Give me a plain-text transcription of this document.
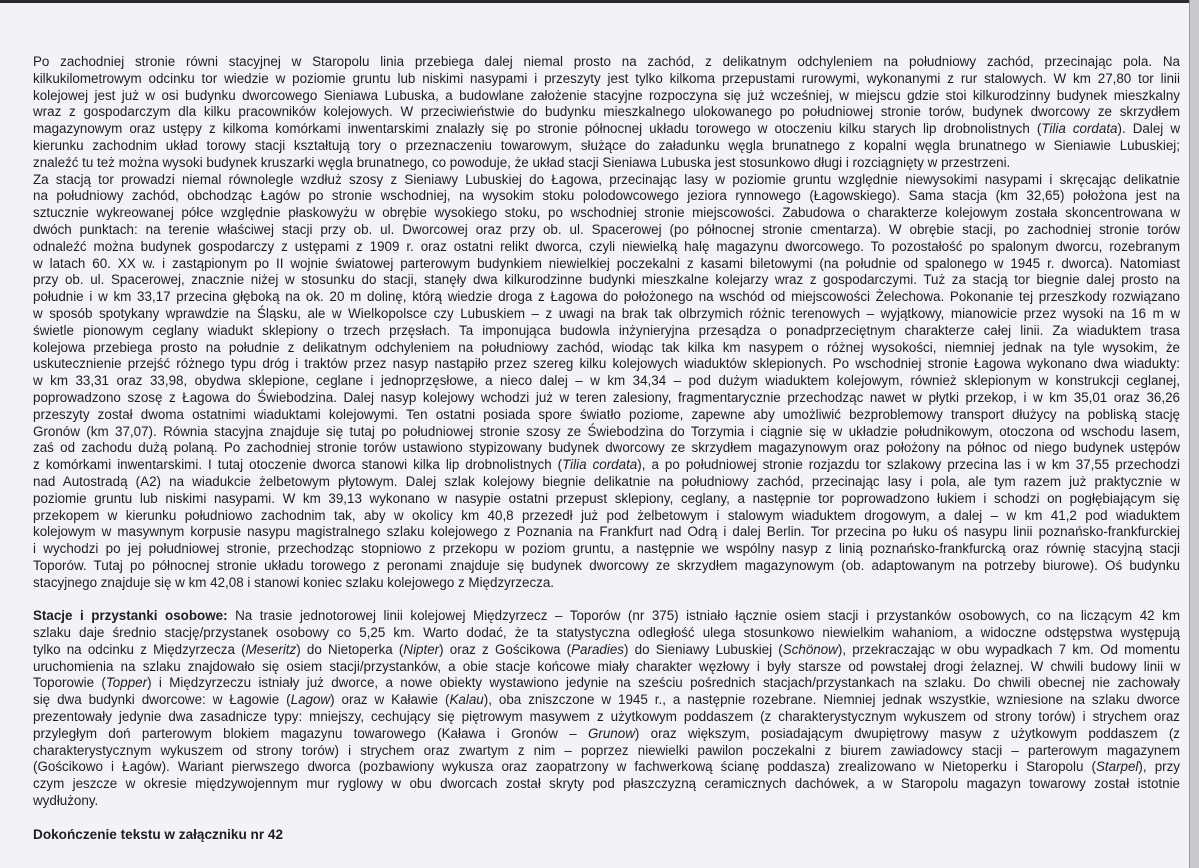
Po zachodniej stronie równi stacyjnej w Staropolu linia przebiega dalej niemal prosto na zachód, z delikatnym odchyleniem na południowy zachód, przecinając pola. Na
kilkukilometrowym odcinku tor wiedzie w poziomie gruntu lub niskimi nasypami i przeszyty jest tylko kilkoma przepustami rurowymi, wykonanymi z rur stalowych. W km 27,80 tor linii
kolejowej jest już w osi budynku dworcowego Sieniawa Lubuska, a budowlane założenie stacyjne rozpoczyna się już wcześniej, w miejscu gdzie stoi kilkurodzinny budynek mieszkalny
wraz z gospodarczym dla kilku pracowników kolejowych. W przeciwieństwie do budynku mieszkalnego ulokowanego po południowej stronie torów, budynek dworcowy ze skrzydłem
magazynowym oraz ustępy z kilkoma komórkami inwentarskimi znalazły się po stronie północnej układu torowego w otoczeniu kilku starych lip drobnolistnych (Tilia cordata). Dalej w
kierunku zachodnim układ torowy stacji kształtują tory o przeznaczeniu towarowym, służące do załadunku węgla brunatnego z kopalni węgla brunatnego w Sieniawie Lubuskiej;
znaleźć tu też można wysoki budynek kruszarki węgla brunatnego, co powoduje, że układ stacji Sieniawa Lubuska jest stosunkowo długi i rozciągnięty w przestrzeni.
Za stacją tor prowadzi niemal równolegle wzdłuż szosy z Sieniawy Lubuskiej do Łagowa, przecinając lasy w poziomie gruntu względnie niewysokimi nasypami i skręcając delikatnie
na południowy zachód, obchodząc Łagów po stronie wschodniej, na wysokim stoku polodowcowego jeziora rynnowego (Łagowskiego). Sama stacja (km 32,65) położona jest na
sztucznie wykreowanej półce względnie płaskowyżu w obrębie wysokiego stoku, po wschodniej stronie miejscowości. Zabudowa o charakterze kolejowym została skoncentrowana w
dwóch punktach: na terenie właściwej stacji przy ob. ul. Dworcowej oraz przy ob. ul. Spacerowej (po północnej stronie cmentarza). W obrębie stacji, po zachodniej stronie torów
odnaleźć można budynek gospodarczy z ustępami z 1909 r. oraz ostatni relikt dworca, czyli niewielką halę magazynu dworcowego. To pozostałość po spalonym dworcu, rozebranym
w latach 60. XX w. i zastąpionym po II wojnie światowej parterowym budynkiem niewielkiej poczekalni z kasami biletowymi (na południe od spalonego w 1945 r. dworca). Natomiast
przy ob. ul. Spacerowej, znacznie niżej w stosunku do stacji, stanęły dwa kilkurodzinne budynki mieszkalne kolejarzy wraz z gospodarczymi. Tuż za stacją tor biegnie dalej prosto na
południe i w km 33,17 przecina głęboką na ok. 20 m dolinę, którą wiedzie droga z Łagowa do położonego na wschód od miejscowości Żelechowa. Pokonanie tej przeszkody rozwiązano
w sposób spotykany wprawdzie na Śląsku, ale w Wielkopolsce czy Lubuskiem – z uwagi na brak tak olbrzymich różnic terenowych – wyjątkowy, mianowicie przez wysoki na 16 m w
świetle pionowym ceglany wiadukt sklepiony o trzech przęsłach. Ta imponująca budowla inżynieryjna przesądza o ponadprzeciętnym charakterze całej linii. Za wiaduktem trasa
kolejowa przebiega prosto na południe z delikatnym odchyleniem na południowy zachód, wiodąc tak kilka km nasypem o różnej wysokości, niemniej jednak na tyle wysokim, że
uskutecznienie przejść różnego typu dróg i traktów przez nasyp nastąpiło przez szereg kilku kolejowych wiaduktów sklepionych. Po wschodniej stronie Łagowa wykonano dwa wiadukty:
w km 33,31 oraz 33,98, obydwa sklepione, ceglane i jednoprzęsłowe, a nieco dalej – w km 34,34 – pod dużym wiaduktem kolejowym, również sklepionym w konstrukcji ceglanej,
poprowadzono szosę z Łagowa do Świebodzina. Dalej nasyp kolejowy wchodzi już w teren zalesiony, fragmentarycznie przechodząc nawet w płytki przekop, i w km 35,01 oraz 36,26
przeszyty został dwoma ostatnimi wiaduktami kolejowymi. Ten ostatni posiada spore światło poziome, zapewne aby umożliwić bezproblemowy transport dłużycy na pobliską stację
Gronów (km 37,07). Równia stacyjna znajduje się tutaj po południowej stronie szosy ze Świebodzina do Torzymia i ciągnie się w układzie południkowym, otoczona od wschodu lasem,
zaś od zachodu dużą polaną. Po zachodniej stronie torów ustawiono stypizowany budynek dworcowy ze skrzydłem magazynowym oraz położony na północ od niego budynek ustępów
z komórkami inwentarskimi. I tutaj otoczenie dworca stanowi kilka lip drobnolistnych (Tilia cordata), a po południowej stronie rozjazdu tor szlakowy przecina las i w km 37,55 przechodzi
nad Autostradą (A2) na wiadukcie żelbetowym płytowym. Dalej szlak kolejowy biegnie delikatnie na południowy zachód, przecinając lasy i pola, ale tym razem już praktycznie w
poziomie gruntu lub niskimi nasypami. W km 39,13 wykonano w nasypie ostatni przepust sklepiony, ceglany, a następnie tor poprowadzono łukiem i schodzi on pogłębiającym się
przekopem w kierunku południowo zachodnim tak, aby w okolicy km 40,8 przezedł już pod żelbetowym i stalowym wiaduktem drogowym, a dalej – w km 41,2 pod wiaduktem
kolejowym w masywnym korpusie nasypu magistralnego szlaku kolejowego z Poznania na Frankfurt nad Odrą i dalej Berlin. Tor przecina po łuku oś nasypu linii poznańsko-frankfurckiej
i wychodzi po jej południowej stronie, przechodząc stopniowo z przekopu w poziom gruntu, a następnie we wspólny nasyp z linią poznańsko-frankfurcką oraz równię stacyjną stacji
Toporów. Tutaj po północnej stronie układu torowego z peronami znajduje się budynek dworcowy ze skrzydłem magazynowym (ob. adaptowanym na potrzeby biurowe). Oś budynku
stacyjnego znajduje się w km 42,08 i stanowi koniec szlaku kolejowego z Międzyrzecza.
Stacje i przystanki osobowe: Na trasie jednotorowej linii kolejowej Międzyrzecz – Toporów (nr 375) istniało łącznie osiem stacji i przystanków osobowych, co na liczącym 42 km
szlaku daje średnio stację/przystanek osobowy co 5,25 km. Warto dodać, że ta statystyczna odległość ulega stosunkowo niewielkim wahaniom, a widoczne odstępstwa występują
tylko na odcinku z Międzyrzecza (Meseritz) do Nietoperka (Nipter) oraz z Gościkowa (Paradies) do Sieniawy Lubuskiej (Schönow), przekraczając w obu wypadkach 7 km. Od momentu
uruchomienia na szlaku znajdowało się osiem stacji/przystanków, a obie stacje końcowe miały charakter węzłowy i były starsze od powstałej drogi żelaznej. W chwili budowy linii w
Toporowie (Topper) i Międzyrzeczu istniały już dworce, a nowe obiekty wystawiono jedynie na sześciu pośrednich stacjach/przystankach na szlaku. Do chwili obecnej nie zachowały
się dwa budynki dworcowe: w Łagowie (Lagow) oraz w Kaławie (Kalau), oba zniszczone w 1945 r., a następnie rozebrane. Niemniej jednak wszystkie, wzniesione na szlaku dworce
prezentowały jedynie dwa zasadnicze typy: mniejszy, cechujący się piętrowym masywem z użytkowym poddaszem (z charakterystycznym wykuszem od strony torów) i strychem oraz
przyległym doń parterowym blokiem magazynu towarowego (Kaława i Gronów – Grunow) oraz większym, posiadającym dwupiętrowy masyw z użytkowym poddaszem (z
charakterystycznym wykuszem od strony torów) i strychem oraz zwartym z nim – poprzez niewielki pawilon poczekalni z biurem zawiadowcy stacji – parterowym magazynem
(Gościkowo i Łagów). Wariant pierwszego dworca (pozbawiony wykusza oraz zaopatrzony w fachwerkową ścianę poddasza) zrealizowano w Nietoperku i Staropolu (Starpel), przy
czym jeszcze w okresie międzywojennym mur ryglowy w obu dworcach został skryty pod płaszczyzną ceramicznych dachówek, a w Staropolu magazyn towarowy został istotnie
wydłużony.
Dokończenie tekstu w załączniku nr 42
